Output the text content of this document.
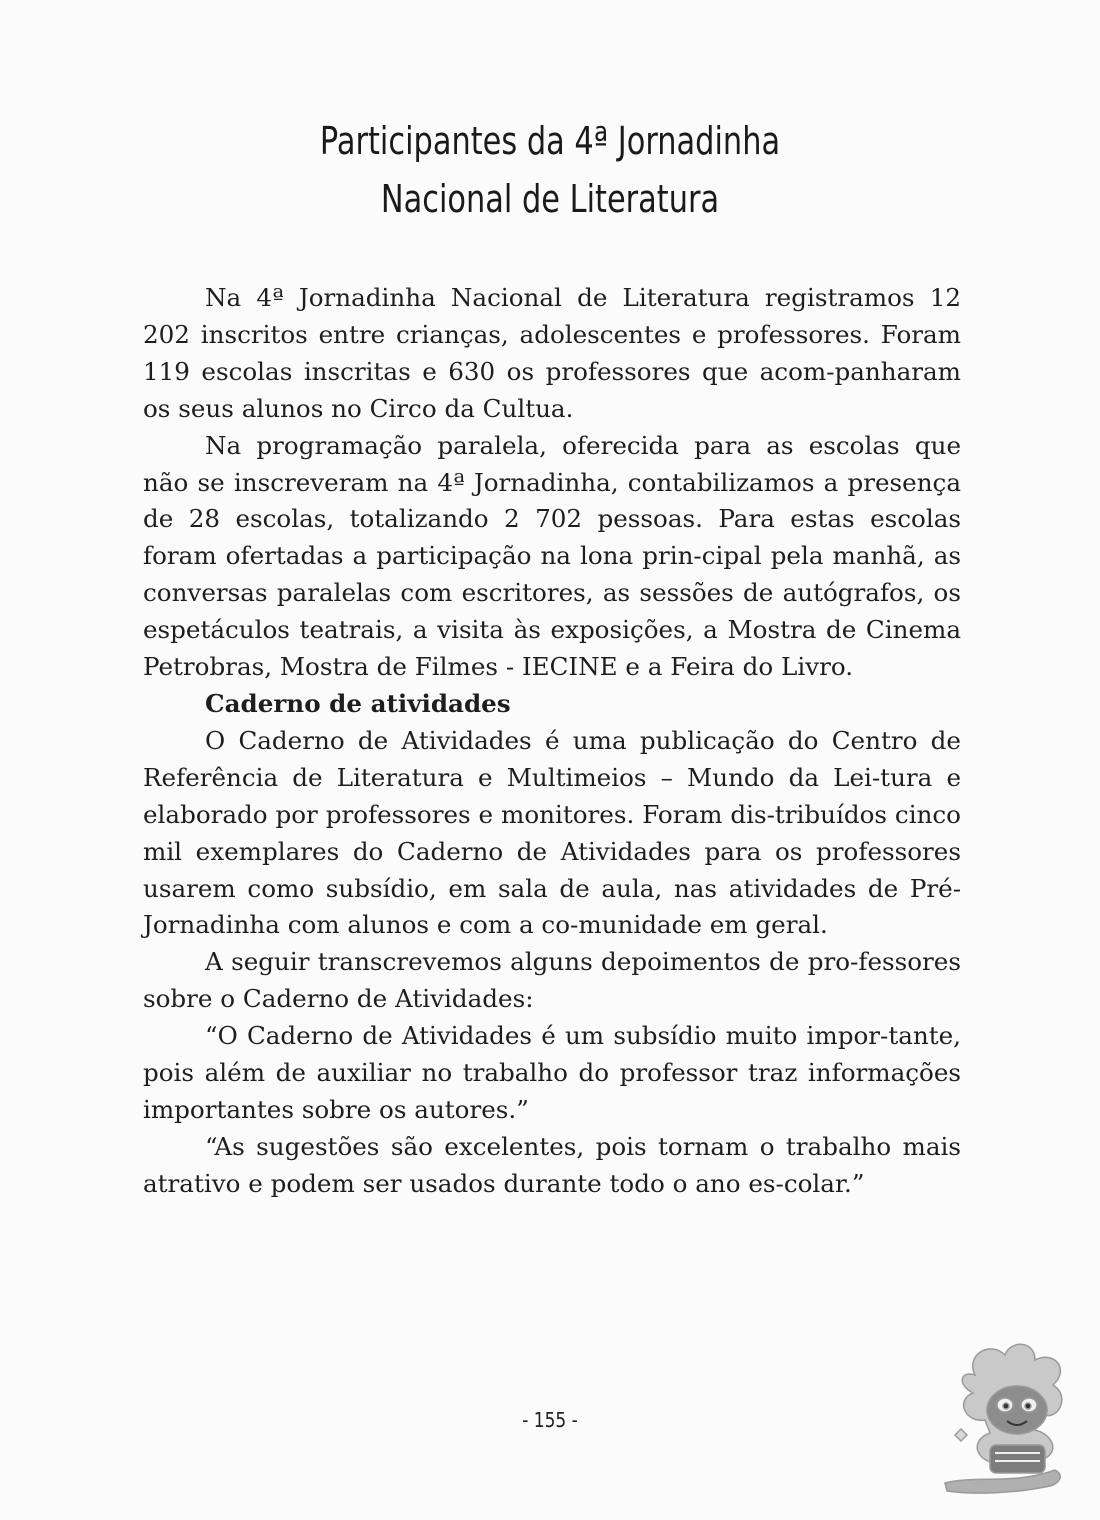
Participantes da 4ª Jornadinha
Nacional de Literatura

Na 4ª Jornadinha Nacional de Literatura registramos 12 202 inscritos entre crianças, adolescentes e professores. Foram 119 escolas inscritas e 630 os professores que acom-panharam os seus alunos no Circo da Cultua.

Na programação paralela, oferecida para as escolas que não se inscreveram na 4ª Jornadinha, contabilizamos a presença de 28 escolas, totalizando 2 702 pessoas. Para estas escolas foram ofertadas a participação na lona prin-cipal pela manhã, as conversas paralelas com escritores, as sessões de autógrafos, os espetáculos teatrais, a visita às exposições, a Mostra de Cinema Petrobras, Mostra de Filmes - IECINE e a Feira do Livro.

Caderno de atividades

O Caderno de Atividades é uma publicação do Centro de Referência de Literatura e Multimeios – Mundo da Lei-tura e elaborado por professores e monitores. Foram dis-tribuídos cinco mil exemplares do Caderno de Atividades para os professores usarem como subsídio, em sala de aula, nas atividades de Pré-Jornadinha com alunos e com a co-munidade em geral.

A seguir transcrevemos alguns depoimentos de pro-fessores sobre o Caderno de Atividades:

“O Caderno de Atividades é um subsídio muito impor-tante, pois além de auxiliar no trabalho do professor traz informações importantes sobre os autores.”

“As sugestões são excelentes, pois tornam o trabalho mais atrativo e podem ser usados durante todo o ano es-colar.”

- 155 -
